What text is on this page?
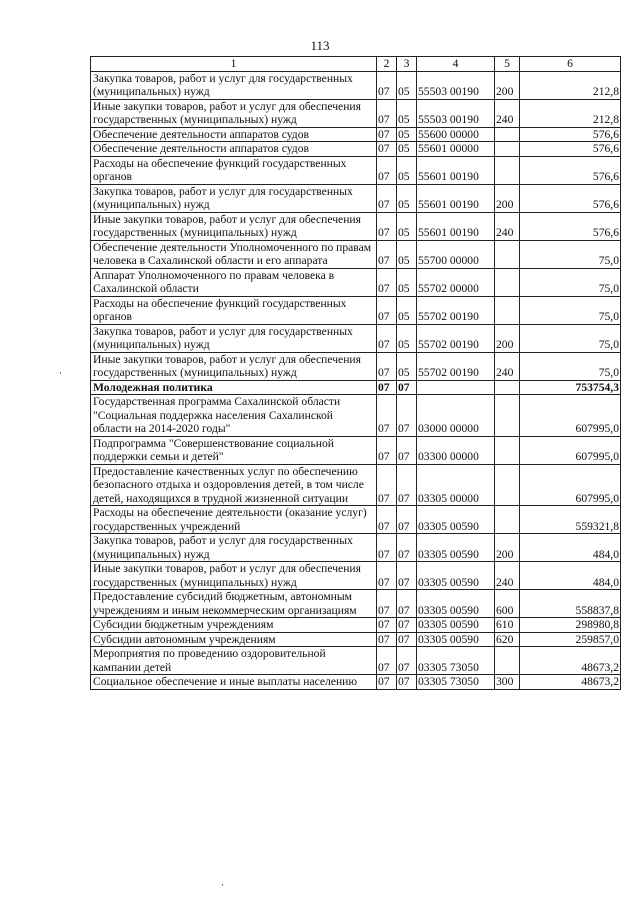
113
1	2	3	4	5	6
Закупка товаров, работ и услуг для государственных (муниципальных) нужд	07	05	55503 00190	200	212,8
Иные закупки товаров, работ и услуг для обеспечения государственных (муниципальных) нужд	07	05	55503 00190	240	212,8
Обеспечение деятельности аппаратов судов	07	05	55600 00000		576,6
Обеспечение деятельности аппаратов судов	07	05	55601 00000		576,6
Расходы на обеспечение функций государственных органов	07	05	55601 00190		576,6
Закупка товаров, работ и услуг для государственных (муниципальных) нужд	07	05	55601 00190	200	576,6
Иные закупки товаров, работ и услуг для обеспечения государственных (муниципальных) нужд	07	05	55601 00190	240	576,6
Обеспечение деятельности Уполномоченного по правам человека в Сахалинской области и его аппарата	07	05	55700 00000		75,0
Аппарат Уполномоченного по правам человека в Сахалинской области	07	05	55702 00000		75,0
Расходы на обеспечение функций государственных органов	07	05	55702 00190		75,0
Закупка товаров, работ и услуг для государственных (муниципальных) нужд	07	05	55702 00190	200	75,0
Иные закупки товаров, работ и услуг для обеспечения государственных (муниципальных) нужд	07	05	55702 00190	240	75,0
Молодежная политика	07	07			753754,3
Государственная программа Сахалинской области "Социальная поддержка населения Сахалинской области на 2014-2020 годы"	07	07	03000 00000		607995,0
Подпрограмма "Совершенствование социальной поддержки семьи и детей"	07	07	03300 00000		607995,0
Предоставление качественных услуг по обеспечению безопасного отдыха и оздоровления детей, в том числе детей, находящихся в трудной жизненной ситуации	07	07	03305 00000		607995,0
Расходы на обеспечение деятельности (оказание услуг) государственных учреждений	07	07	03305 00590		559321,8
Закупка товаров, работ и услуг для государственных (муниципальных) нужд	07	07	03305 00590	200	484,0
Иные закупки товаров, работ и услуг для обеспечения государственных (муниципальных) нужд	07	07	03305 00590	240	484,0
Предоставление субсидий бюджетным, автономным учреждениям и иным некоммерческим организациям	07	07	03305 00590	600	558837,8
Субсидии бюджетным учреждениям	07	07	03305 00590	610	298980,8
Субсидии автономным учреждениям	07	07	03305 00590	620	259857,0
Мероприятия по проведению оздоровительной кампании детей	07	07	03305 73050		48673,2
Социальное обеспечение и иные выплаты населению	07	07	03305 73050	300	48673,2
